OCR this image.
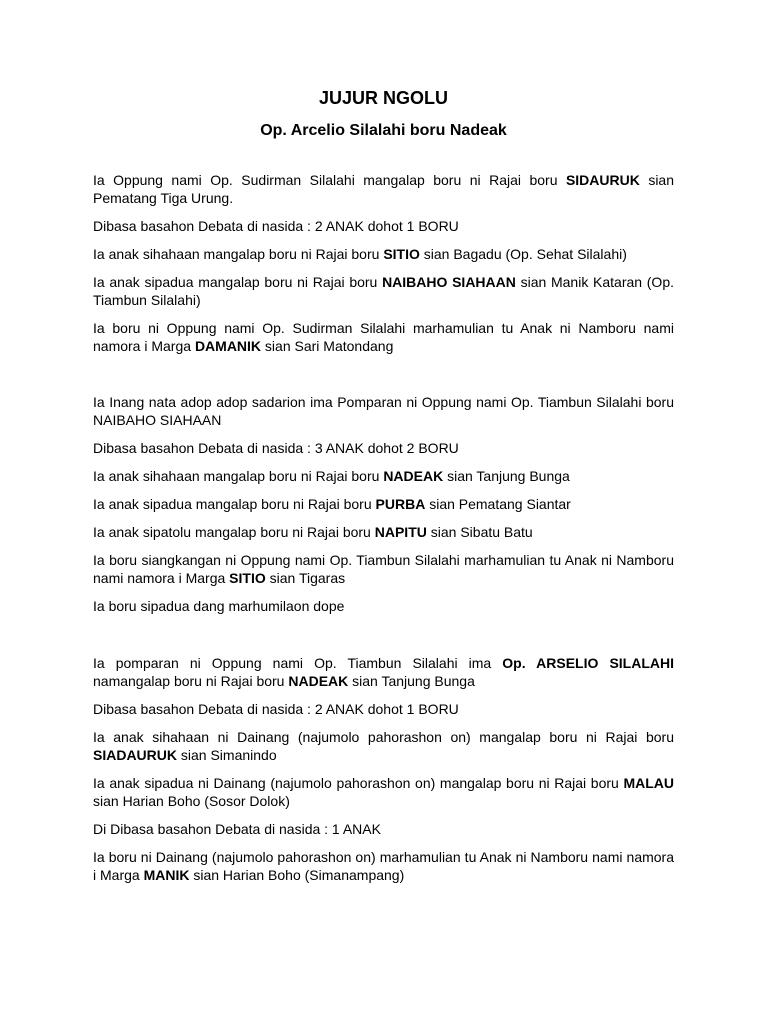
JUJUR NGOLU
Op. Arcelio Silalahi boru Nadeak

Ia Oppung nami Op. Sudirman Silalahi mangalap boru ni Rajai boru SIDAURUK sian Pematang Tiga Urung.

Dibasa basahon Debata di nasida : 2 ANAK dohot 1 BORU

Ia anak sihahaan mangalap boru ni Rajai boru SITIO sian Bagadu (Op. Sehat Silalahi)

Ia anak sipadua mangalap boru ni Rajai boru NAIBAHO SIAHAAN sian Manik Kataran (Op. Tiambun Silalahi)

Ia boru ni Oppung nami Op. Sudirman Silalahi marhamulian tu Anak ni Namboru nami namora i Marga DAMANIK sian Sari Matondang

Ia Inang nata adop adop sadarion ima Pomparan ni Oppung nami Op. Tiambun Silalahi boru NAIBAHO SIAHAAN

Dibasa basahon Debata di nasida : 3 ANAK dohot 2 BORU

Ia anak sihahaan mangalap boru ni Rajai boru NADEAK sian Tanjung Bunga

Ia anak sipadua mangalap boru ni Rajai boru PURBA sian Pematang Siantar

Ia anak sipatolu mangalap boru ni Rajai boru NAPITU sian Sibatu Batu

Ia boru siangkangan ni Oppung nami Op. Tiambun Silalahi marhamulian tu Anak ni Namboru nami namora i Marga SITIO sian Tigaras

Ia boru sipadua dang marhumilaon dope

Ia pomparan ni Oppung nami Op. Tiambun Silalahi ima Op. ARSELIO SILALAHI namangalap boru ni Rajai boru NADEAK sian Tanjung Bunga

Dibasa basahon Debata di nasida : 2 ANAK dohot 1 BORU

Ia anak sihahaan ni Dainang (najumolo pahorashon on) mangalap boru ni Rajai boru SIADAURUK sian Simanindo

Ia anak sipadua ni Dainang (najumolo pahorashon on) mangalap boru ni Rajai boru MALAU sian Harian Boho (Sosor Dolok)

Di Dibasa basahon Debata di nasida : 1 ANAK

Ia boru ni Dainang (najumolo pahorashon on) marhamulian tu Anak ni Namboru nami namora i Marga MANIK sian Harian Boho (Simanampang)
